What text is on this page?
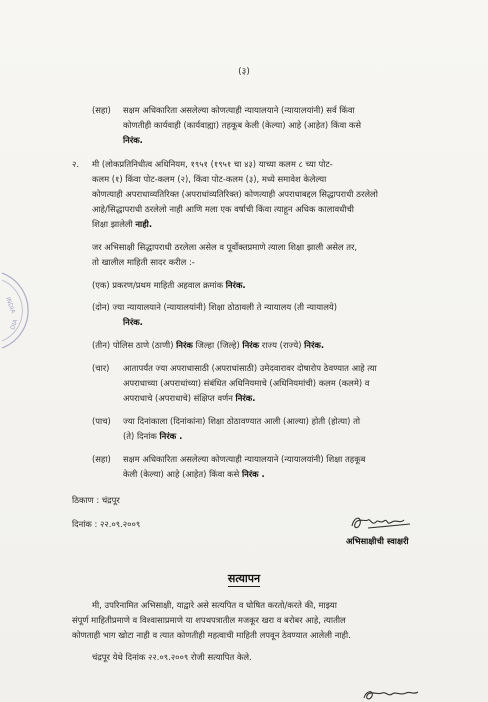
(३)
(सहा) सक्षम अधिकारिता असलेल्या कोणत्याही न्यायालयाने (न्यायालयांनी) सर्व किंवा
कोणतीही कार्यवाही (कार्यवाह्या) तहकूब केली (केल्या) आहे (आहेत) किंवा कसे
निरंक.
२. मी (लोकप्रतिनिधीत्व अधिनियम, १९५१ (१९५१ चा ४३) याच्या कलम ८ च्या पोट-
कलम (१) किंवा पोट-कलम (२), किंवा पोट-कलम (३), मध्ये समावेश केलेल्या
कोणत्याही अपराधाव्यतिरिक्त (अपराधांव्यतिरिक्त) कोणत्याही अपराधाबद्दल सिद्धापराधी ठरलेलो
आहे/सिद्धापराधी ठरलेलो नाही आणि मला एक वर्षाची किंवा त्याहून अधिक कालावधीची
शिक्षा झालेली नाही.
जर अभिसाक्षी सिद्धापराधी ठरलेला असेल व पूर्वोक्तप्रमाणे त्याला शिक्षा झाली असेल तर,
तो खालील माहिती सादर करील :-
(एक) प्रकरण/प्रथम माहिती अहवाल क्रमांक निरंक.
(दोन) ज्या न्यायालयाने (न्यायालयांनी) शिक्षा ठोठावली ते न्यायालय (ती न्यायालये)
निरंक.
(तीन) पोलिस ठाणे (ठाणी) निरंक जिल्हा (जिल्हे) निरंक राज्य (राज्ये) निरंक.
(चार) आतापर्यंत ज्या अपराधासाठी (अपराधांसाठी) उमेदवारावर दोषारोप ठेवण्यात आहे त्या
अपराधाच्या (अपराधांच्या) संबंधित अधिनियमाचे (अधिनियमांची) कलम (कलमे) व
अपराधाचे (अपराधाचे) संक्षिप्त वर्णन निरंक.
(पाच) ज्या दिनांकाला (दिनांकांना) शिक्षा ठोठावण्यात आली (आल्या) होती (होत्या) तो
(ते) दिनांक निरंक .
(सहा) सक्षम अधिकारिता असलेल्या कोणत्याही न्यायालयाने (न्यायालयांनी) शिक्षा तहकूब
केली (केल्या) आहे (आहेत) किंवा कसे निरंक .
ठिकाण : चंद्रपूर
दिनांक : २२.०९.२००९
अभिसाक्षीची स्वाक्षरी
सत्यापन
मी, उपरिनामित अभिसाक्षी, याद्वारे असे सत्यपित व घोषित करतो/करते की, माझ्या
संपूर्ण माहितीप्रमाणे व विश्वासाप्रमाणे या शपथपत्रातील मजकूर खरा व बरोबर आहे, त्यातील
कोणताही भाग खोटा नाही व त्यात कोणतीही महत्वाची माहिती लपवून ठेवण्यात आलेली नाही.
चंद्रपूर येथे दिनांक २२.०९.२००९ रोजी सत्यापित केले.
INDIA
DIA
